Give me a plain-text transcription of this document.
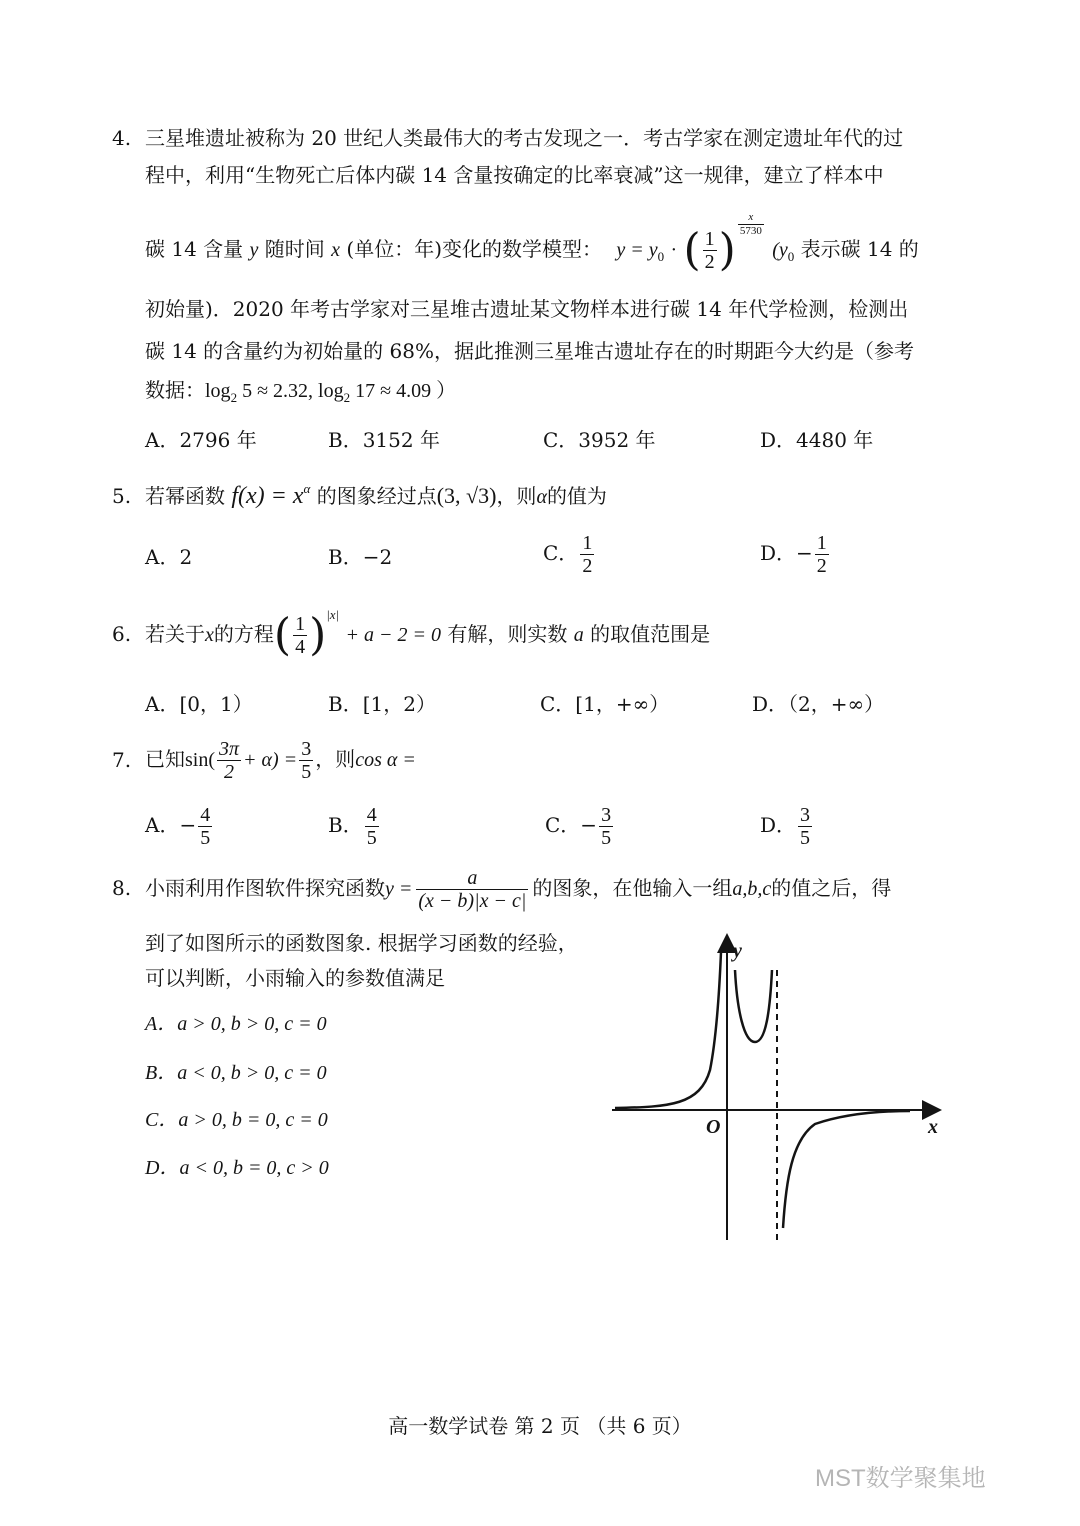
4. 三星堆遗址被称为 20 世纪人类最伟大的考古发现之一．考古学家在测定遗址年代的过
程中，利用“生物死亡后体内碳 14 含量按确定的比率衰减”这一规律，建立了样本中
碳 14 含量 y 随时间 x (单位：年)变化的数学模型： $y = y_0$ · ( $\frac{1}{2}$ ) $\frac{x}{5730}$
($y_0$ 表示碳 14 的
初始量)．2020 年考古学家对三星堆古遗址某文物样本进行碳 14 年代学检测，检测出
碳 14 的含量约为初始量的 68%，据此推测三星堆古遗址存在的时期距今大约是（参考
数据：$\log_2 5 \approx 2.32$, $\log_2 17 \approx 4.09$ ）
A．2796 年	B．3152 年	C．3952 年	D．4480 年
5. 若幂函数 $f(x) = x^\alpha$ 的图象经过点(3, √3)，则α的值为
A．2	B．−2	C． $\frac{1}{2}$	D．− $\frac{1}{2}$
6. 若关于x的方程( $\frac{1}{4} )^{|x|} + a - 2 = 0$ 有解，则实数 a 的取值范围是
A．[0，1）	B．[1，2）	C．[1，+∞）	D．（2，+∞）
7. 已知$\sin( \frac{3\pi}{2} + \alpha) = \frac{3}{5}$ ，则cos α =
A．− $\frac{4}{5}$	B． $\frac{4}{5}$	C．− $\frac{3}{5}$	D． $\frac{3}{5}$
8. 小雨利用作图软件探究函数$y = \frac{a}{(x - b)|x - c|}$ 的图象，在他输入一组a,b,c的值之后，得
到了如图所示的函数图象. 根据学习函数的经验，
可以判断，小雨输入的参数值满足
A．a > 0, b > 0, c = 0
B．a < 0, b > 0, c = 0
C．a > 0, b = 0, c = 0
D．a < 0, b = 0, c > 0
y
x
O
高一数学试卷 第 2 页 （共 6 页）
MST数学聚集地
